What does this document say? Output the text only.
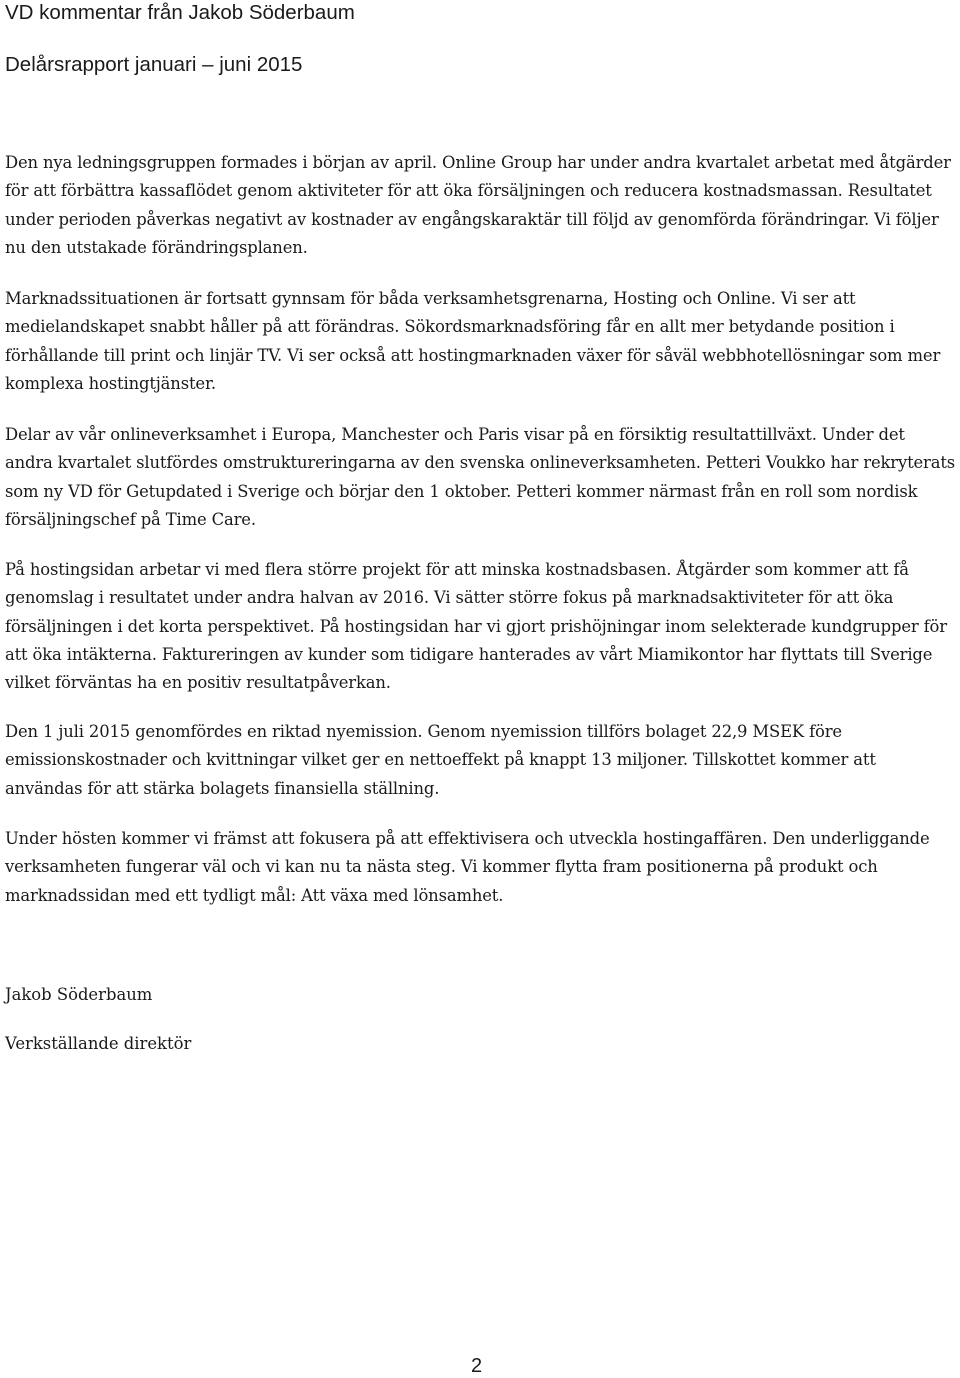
VD kommentar från Jakob Söderbaum
Delårsrapport januari – juni 2015

Den nya ledningsgruppen formades i början av april. Online Group har under andra kvartalet arbetat med åtgärder för att förbättra kassaflödet genom aktiviteter för att öka försäljningen och reducera kostnadsmassan. Resultatet under perioden påverkas negativt av kostnader av engångskaraktär till följd av genomförda förändringar. Vi följer nu den utstakade förändringsplanen.

Marknadssituationen är fortsatt gynnsam för båda verksamhetsgrenarna, Hosting och Online. Vi ser att medielandskapet snabbt håller på att förändras. Sökordsmarknadsföring får en allt mer betydande position i förhållande till print och linjär TV. Vi ser också att hostingmarknaden växer för såväl webbhotellösningar som mer komplexa hostingtjänster.

Delar av vår onlineverksamhet i Europa, Manchester och Paris visar på en försiktig resultattillväxt. Under det andra kvartalet slutfördes omstruktureringarna av den svenska onlineverksamheten. Petteri Voukko har rekryterats som ny VD för Getupdated i Sverige och börjar den 1 oktober. Petteri kommer närmast från en roll som nordisk försäljningschef på Time Care.

På hostingsidan arbetar vi med flera större projekt för att minska kostnadsbasen. Åtgärder som kommer att få genomslag i resultatet under andra halvan av 2016. Vi sätter större fokus på marknadsaktiviteter för att öka försäljningen i det korta perspektivet. På hostingsidan har vi gjort prishöjningar inom selekterade kundgrupper för att öka intäkterna. Faktureringen av kunder som tidigare hanterades av vårt Miamikontor har flyttats till Sverige vilket förväntas ha en positiv resultatpåverkan.

Den 1 juli 2015 genomfördes en riktad nyemission. Genom nyemission tillförs bolaget 22,9 MSEK före emissionskostnader och kvittningar vilket ger en nettoeffekt på knappt 13 miljoner. Tillskottet kommer att användas för att stärka bolagets finansiella ställning.

Under hösten kommer vi främst att fokusera på att effektivisera och utveckla hostingaffären. Den underliggande verksamheten fungerar väl och vi kan nu ta nästa steg. Vi kommer flytta fram positionerna på produkt och marknadssidan med ett tydligt mål: Att växa med lönsamhet.

Jakob Söderbaum
Verkställande direktör
2
